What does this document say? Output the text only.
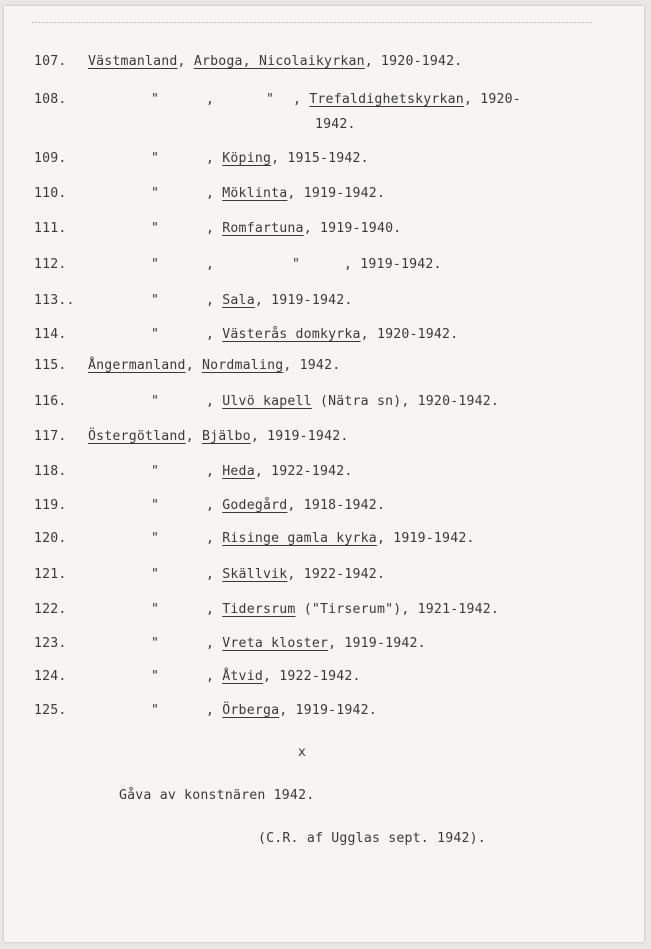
107. Västmanland, Arboga, Nicolaikyrkan, 1920-1942.
108.	"	,	" , Trefaldighetskyrkan, 1920-
1942.
109.	"	, Köping, 1915-1942.
110.	"	, Möklinta, 1919-1942.
111.	"	, Romfartuna, 1919-1940.
112.	"	,	"	, 1919-1942.
113..	"	, Sala, 1919-1942.
114.	"	, Västerås domkyrka, 1920-1942.
115. Ångermanland, Nordmaling, 1942.
116.	"	, Ulvö kapell (Nätra sn), 1920-1942.
117. Östergötland, Bjälbo, 1919-1942.
118.	"	, Heda, 1922-1942.
119.	"	, Godegård, 1918-1942.
120.	"	, Risinge gamla kyrka, 1919-1942.
121.	"	, Skällvik, 1922-1942.
122.	"	, Tidersrum ("Tirserum"), 1921-1942.
123.	"	, Vreta kloster, 1919-1942.
124.	"	, Åtvid, 1922-1942.
125.	"	, Örberga, 1919-1942.
x
Gåva av konstnären 1942.
(C.R. af Ugglas sept. 1942).
